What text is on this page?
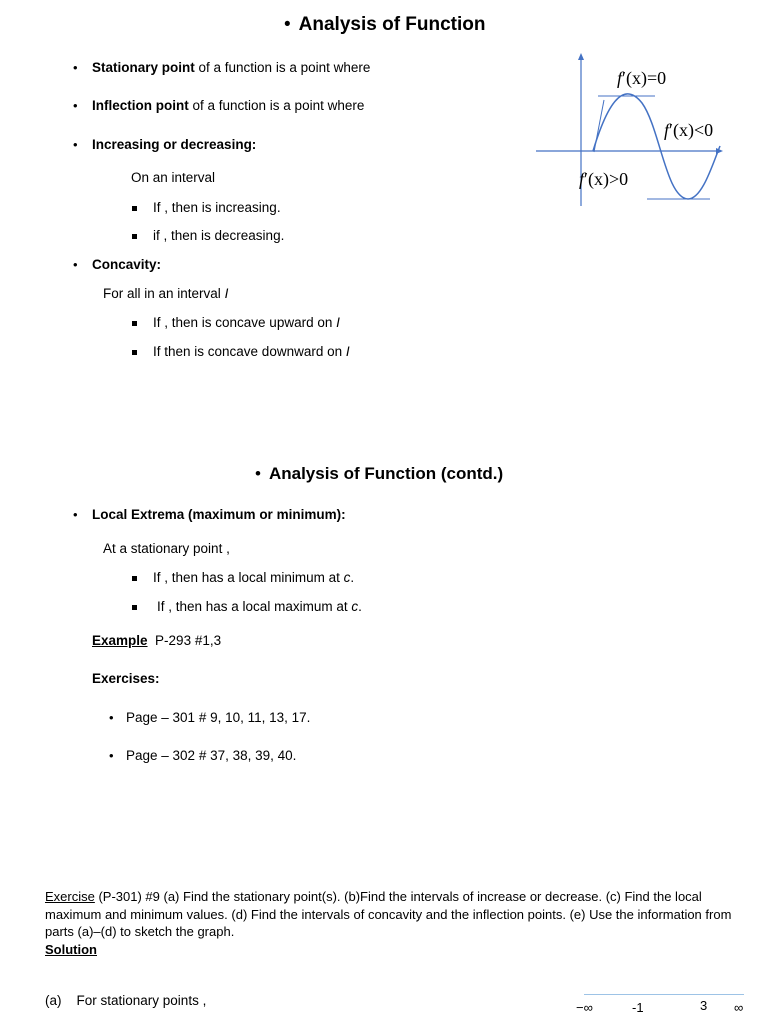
• Analysis of Function
• Stationary point of a function is a point where
• Inflection point of a function is a point where
• Increasing or decreasing:
On an interval
If , then is increasing.
if , then is decreasing.
• Concavity:
For all in an interval I
If , then is concave upward on I
If then is concave downward on I
f′(x)=0
f′(x)<0
f′(x)>0
• Analysis of Function (contd.)
• Local Extrema (maximum or minimum):
At a stationary point ,
If , then has a local minimum at c.
If , then has a local maximum at c.
Example P-293 #1,3
Exercises:
• Page – 301 # 9, 10, 11, 13, 17.
• Page – 302 # 37, 38, 39, 40.
Exercise (P-301) #9 (a) Find the stationary point(s). (b)Find the intervals of increase or decrease. (c) Find the local maximum and minimum values. (d) Find the intervals of concavity and the inflection points. (e) Use the information from parts (a)–(d) to sketch the graph.
Solution
(a) For stationary points ,	−∞	-1	3 ∞
